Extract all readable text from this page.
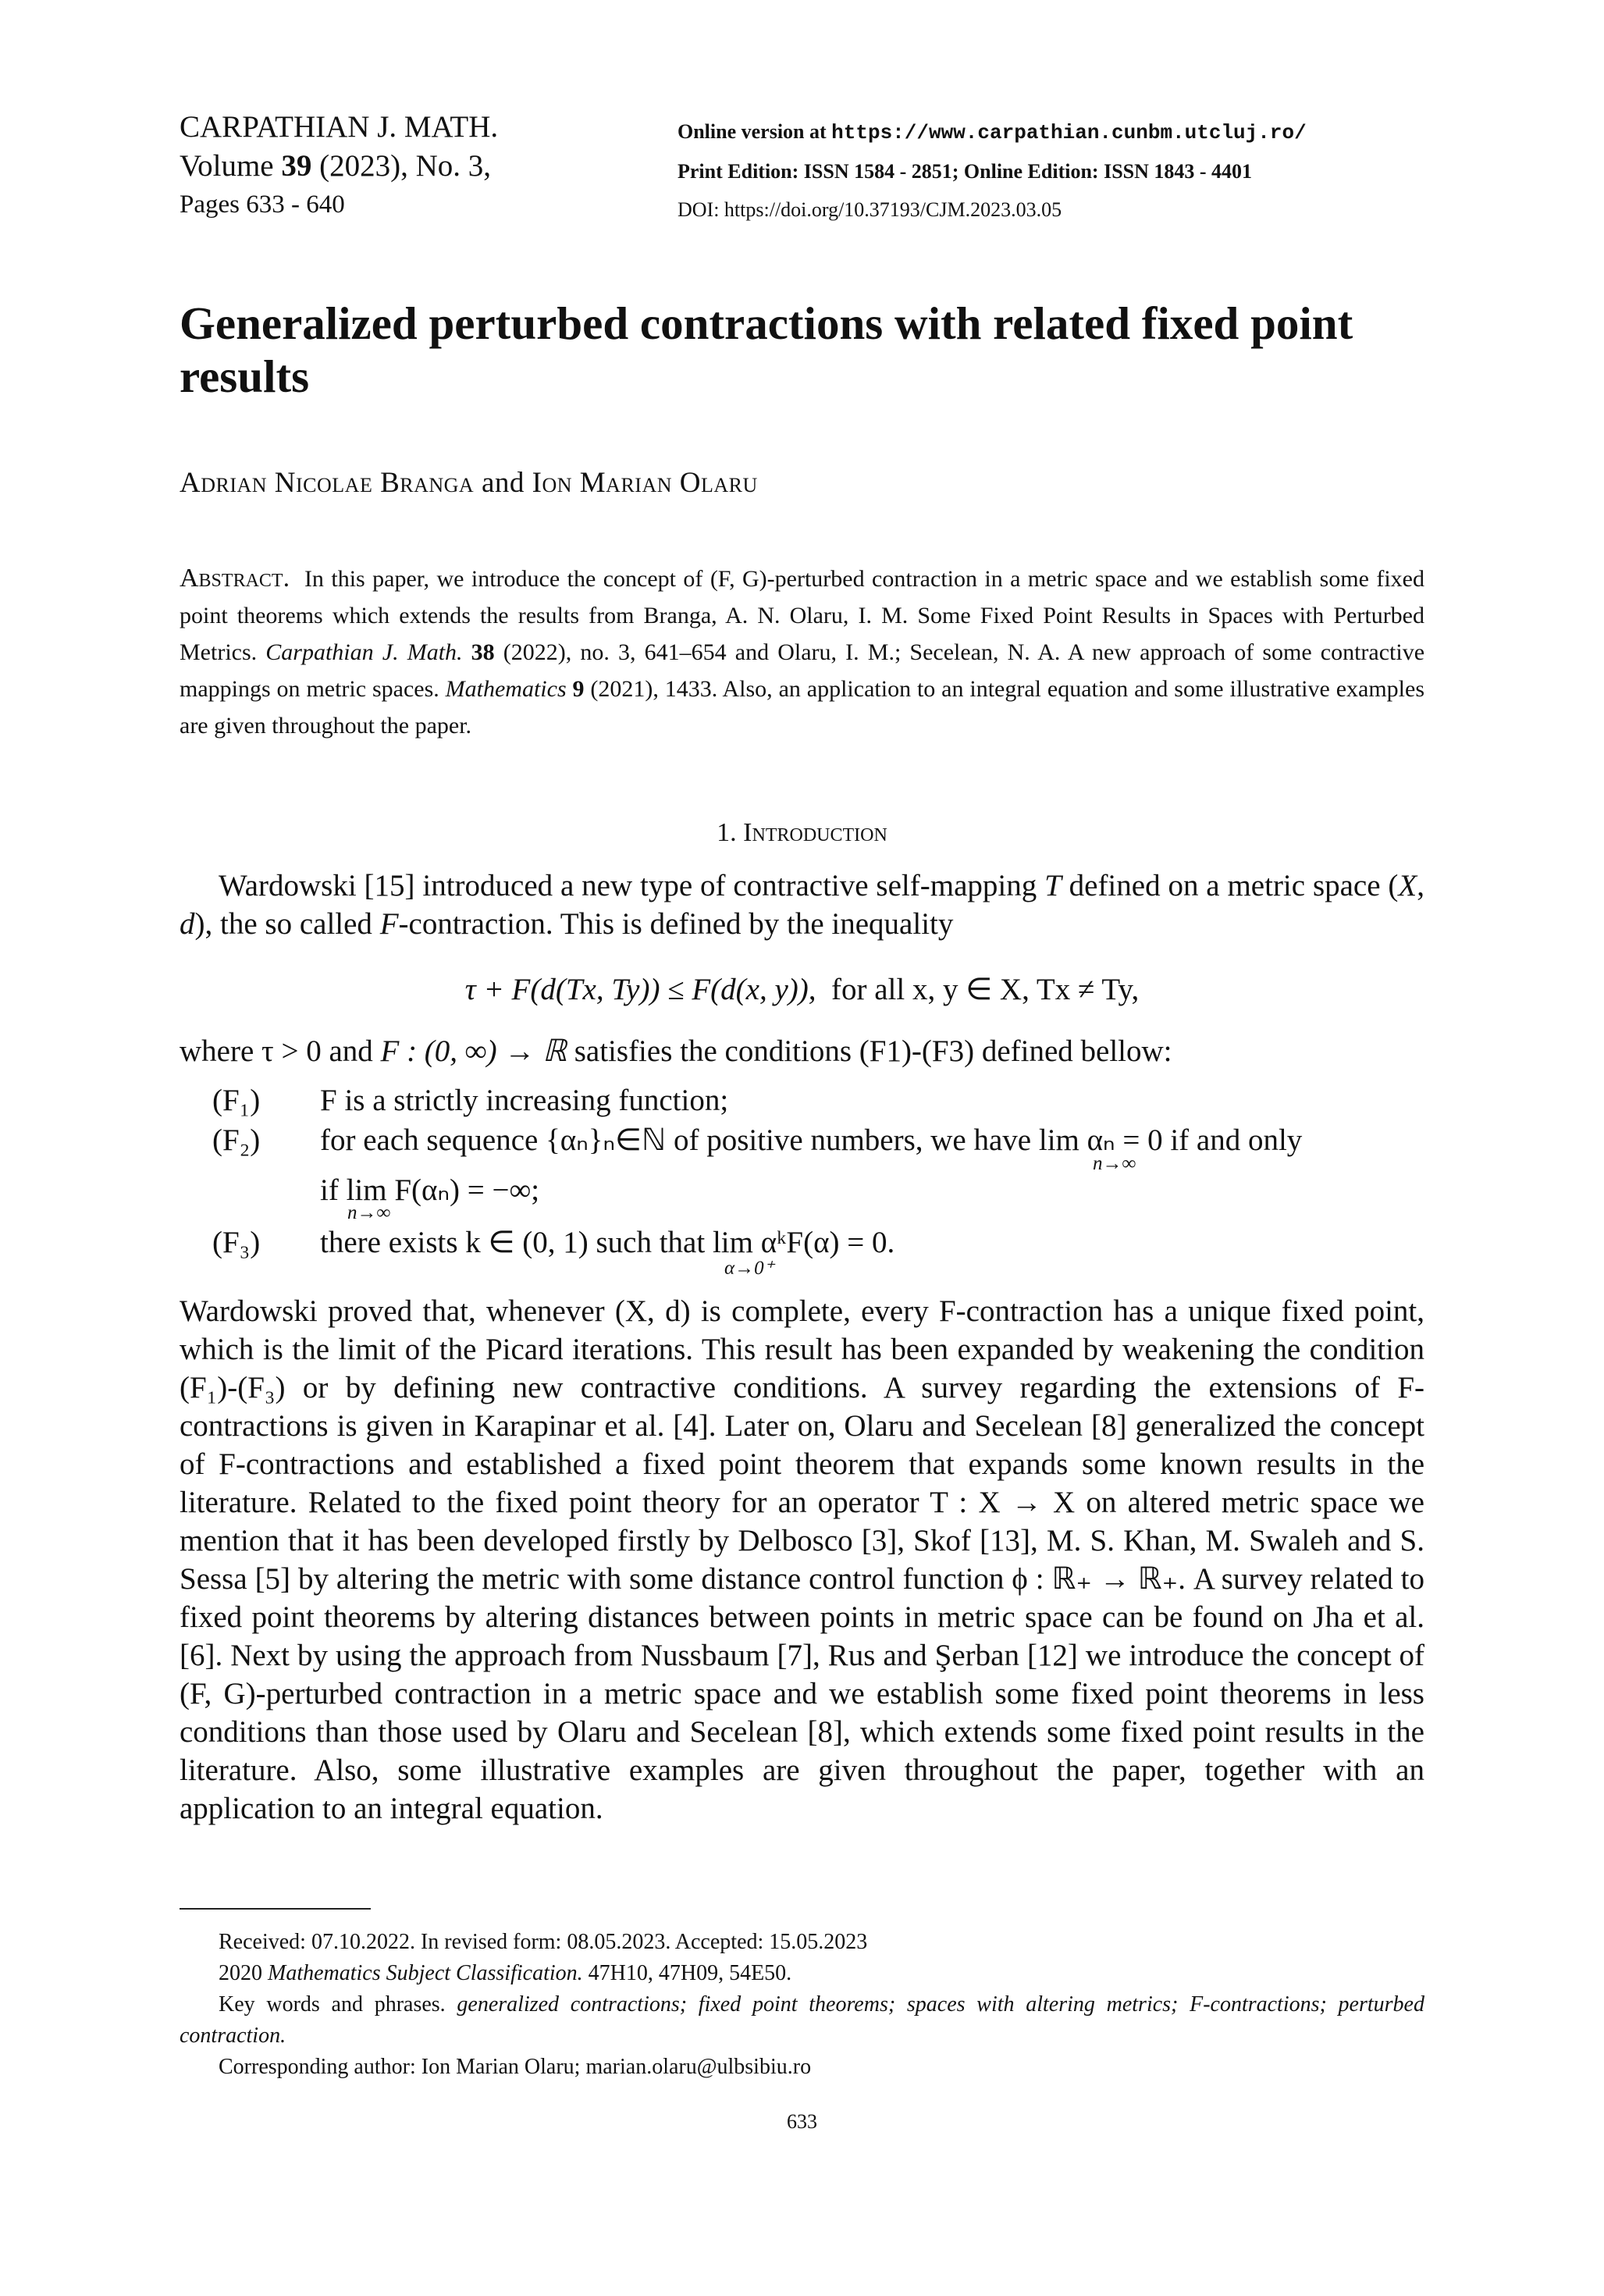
CARPATHIAN J. MATH.
Volume 39 (2023), No. 3,
Pages 633 - 640
Online version at https://www.carpathian.cunbm.utcluj.ro/
Print Edition: ISSN 1584 - 2851; Online Edition: ISSN 1843 - 4401
DOI: https://doi.org/10.37193/CJM.2023.03.05
Generalized perturbed contractions with related fixed point results
Adrian Nicolae Branga and Ion Marian Olaru
Abstract. In this paper, we introduce the concept of (F, G)-perturbed contraction in a metric space and we establish some fixed point theorems which extends the results from Branga, A. N. Olaru, I. M. Some Fixed Point Results in Spaces with Perturbed Metrics. Carpathian J. Math. 38 (2022), no. 3, 641–654 and Olaru, I. M.; Secelean, N. A. A new approach of some contractive mappings on metric spaces. Mathematics 9 (2021), 1433. Also, an application to an integral equation and some illustrative examples are given throughout the paper.
1. Introduction
Wardowski [15] introduced a new type of contractive self-mapping T defined on a metric space (X, d), the so called F-contraction. This is defined by the inequality
τ + F(d(Tx, Ty)) ≤ F(d(x, y)), for all x, y ∈ X, Tx ≠ Ty,
where τ > 0 and F : (0, ∞) → ℝ satisfies the conditions (F1)-(F3) defined bellow:
(F₁) F is a strictly increasing function;
(F₂) for each sequence {αₙ}ₙ∈ℕ of positive numbers, we have lim αₙ = 0 if and only
if lim F(αₙ) = −∞;
n→∞
n→∞
(F₃) there exists k ∈ (0, 1) such that lim αᵏF(α) = 0.
α→0⁺
Wardowski proved that, whenever (X, d) is complete, every F-contraction has a unique fixed point, which is the limit of the Picard iterations. This result has been expanded by weakening the condition (F₁)-(F₃) or by defining new contractive conditions. A survey regarding the extensions of F-contractions is given in Karapinar et al. [4]. Later on, Olaru and Secelean [8] generalized the concept of F-contractions and established a fixed point theorem that expands some known results in the literature. Related to the fixed point theory for an operator T : X → X on altered metric space we mention that it has been developed firstly by Delbosco [3], Skof [13], M. S. Khan, M. Swaleh and S. Sessa [5] by altering the metric with some distance control function ϕ : ℝ₊ → ℝ₊. A survey related to fixed point theorems by altering distances between points in metric space can be found on Jha et al. [6]. Next by using the approach from Nussbaum [7], Rus and Şerban [12] we introduce the concept of (F, G)-perturbed contraction in a metric space and we establish some fixed point theorems in less conditions than those used by Olaru and Secelean [8], which extends some fixed point results in the literature. Also, some illustrative examples are given throughout the paper, together with an application to an integral equation.
Received: 07.10.2022. In revised form: 08.05.2023. Accepted: 15.05.2023
2020 Mathematics Subject Classification. 47H10, 47H09, 54E50.
Key words and phrases. generalized contractions; fixed point theorems; spaces with altering metrics; F-contractions; perturbed contraction.
Corresponding author: Ion Marian Olaru; marian.olaru@ulbsibiu.ro
633
